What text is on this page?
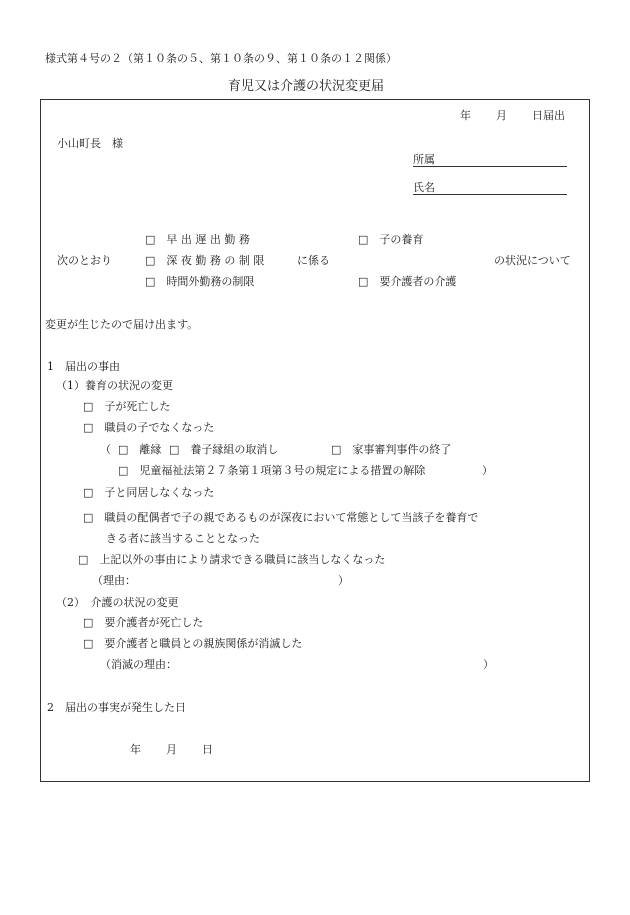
様式第４号の２（第１０条の５、第１０条の９、第１０条の１２関係）
育児又は介護の状況変更届
年 月 日届出
小山町長　様
所属
氏名
□　早 出 遅 出 勤 務	□　子の養育
次のとおり	□　深 夜 勤 務 の 制 限	に係る	の状況について
□　時間外勤務の制限	□　要介護者の介護
変更が生じたので届け出ます。
1　届出の事由
（1）養育の状況の変更
□　子が死亡した
□　職員の子でなくなった
（ □　離縁 □　養子縁組の取消し	□　家事審判事件の終了
□　児童福祉法第２７条第１項第３号の規定による措置の解除	）
□　子と同居しなくなった
□　職員の配偶者で子の親であるものが深夜において常態として当該子を養育で
きる者に該当することとなった
□　上記以外の事由により請求できる職員に該当しなくなった
（理由：	）
（2）　介護の状況の変更
□　要介護者が死亡した
□　要介護者と職員との親族関係が消滅した
（消滅の理由：	）
2　届出の事実が発生した日
年 月 日
